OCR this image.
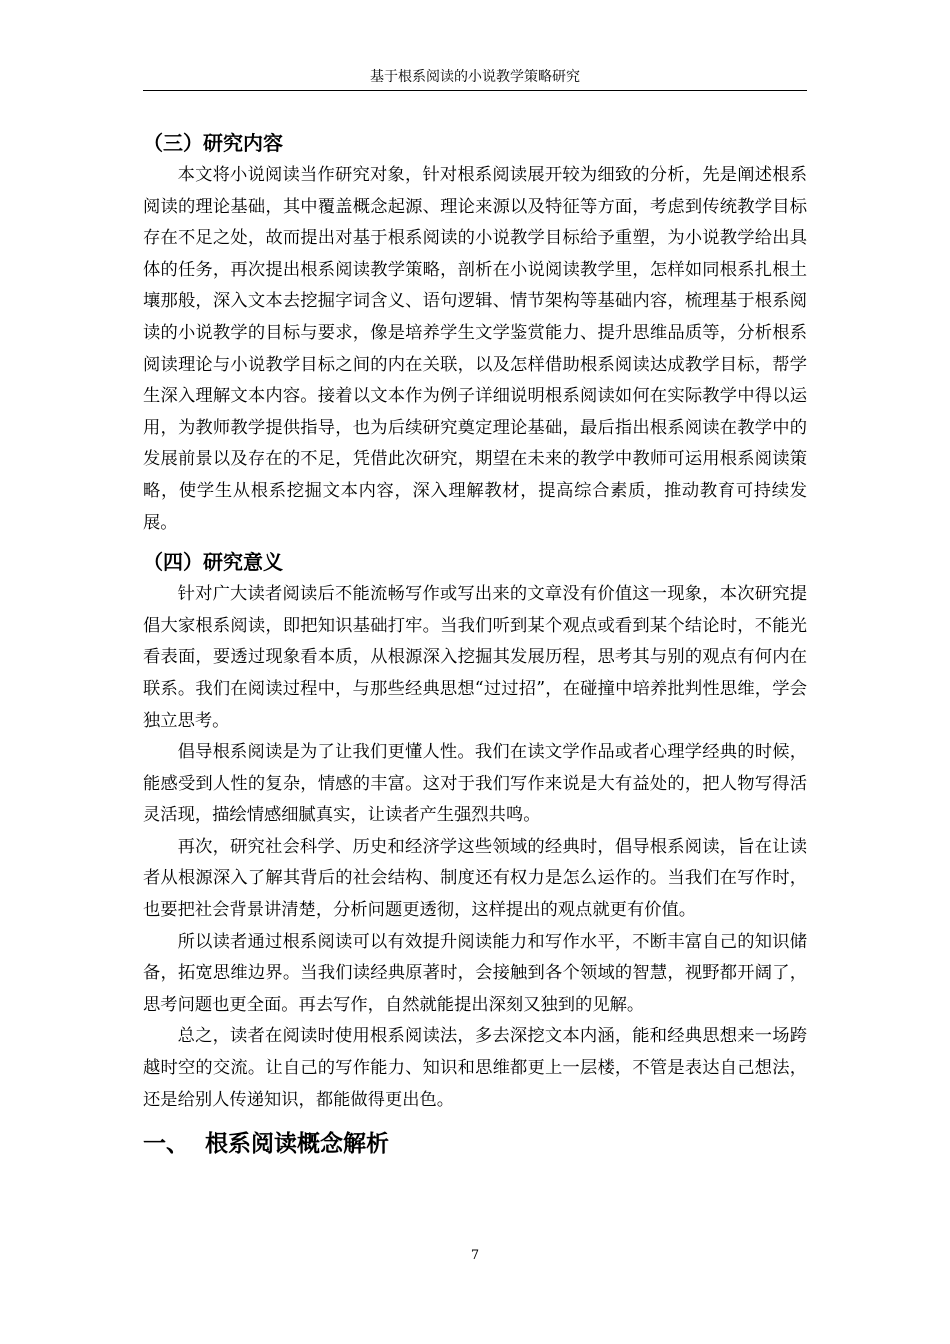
基于根系阅读的小说教学策略研究
（三）研究内容

本文将小说阅读当作研究对象，针对根系阅读展开较为细致的分析，先是阐述根系阅读的理论基础，其中覆盖概念起源、理论来源以及特征等方面，考虑到传统教学目标存在不足之处，故而提出对基于根系阅读的小说教学目标给予重塑，为小说教学给出具体的任务，再次提出根系阅读教学策略，剖析在小说阅读教学里，怎样如同根系扎根土壤那般，深入文本去挖掘字词含义、语句逻辑、情节架构等基础内容，梳理基于根系阅读的小说教学的目标与要求，像是培养学生文学鉴赏能力、提升思维品质等，分析根系阅读理论与小说教学目标之间的内在关联，以及怎样借助根系阅读达成教学目标，帮学生深入理解文本内容。接着以文本作为例子详细说明根系阅读如何在实际教学中得以运用，为教师教学提供指导，也为后续研究奠定理论基础，最后指出根系阅读在教学中的发展前景以及存在的不足，凭借此次研究，期望在未来的教学中教师可运用根系阅读策略，使学生从根系挖掘文本内容，深入理解教材，提高综合素质，推动教育可持续发展。

（四）研究意义

针对广大读者阅读后不能流畅写作或写出来的文章没有价值这一现象，本次研究提倡大家根系阅读，即把知识基础打牢。当我们听到某个观点或看到某个结论时，不能光看表面，要透过现象看本质，从根源深入挖掘其发展历程，思考其与别的观点有何内在联系。我们在阅读过程中，与那些经典思想“过过招”，在碰撞中培养批判性思维，学会独立思考。

倡导根系阅读是为了让我们更懂人性。我们在读文学作品或者心理学经典的时候，能感受到人性的复杂，情感的丰富。这对于我们写作来说是大有益处的，把人物写得活灵活现，描绘情感细腻真实，让读者产生强烈共鸣。

再次，研究社会科学、历史和经济学这些领域的经典时，倡导根系阅读，旨在让读者从根源深入了解其背后的社会结构、制度还有权力是怎么运作的。当我们在写作时，也要把社会背景讲清楚，分析问题更透彻，这样提出的观点就更有价值。

所以读者通过根系阅读可以有效提升阅读能力和写作水平，不断丰富自己的知识储备，拓宽思维边界。当我们读经典原著时，会接触到各个领域的智慧，视野都开阔了，思考问题也更全面。再去写作，自然就能提出深刻又独到的见解。

总之，读者在阅读时使用根系阅读法，多去深挖文本内涵，能和经典思想来一场跨越时空的交流。让自己的写作能力、知识和思维都更上一层楼，不管是表达自己想法，还是给别人传递知识，都能做得更出色。

一、  根系阅读概念解析
7
